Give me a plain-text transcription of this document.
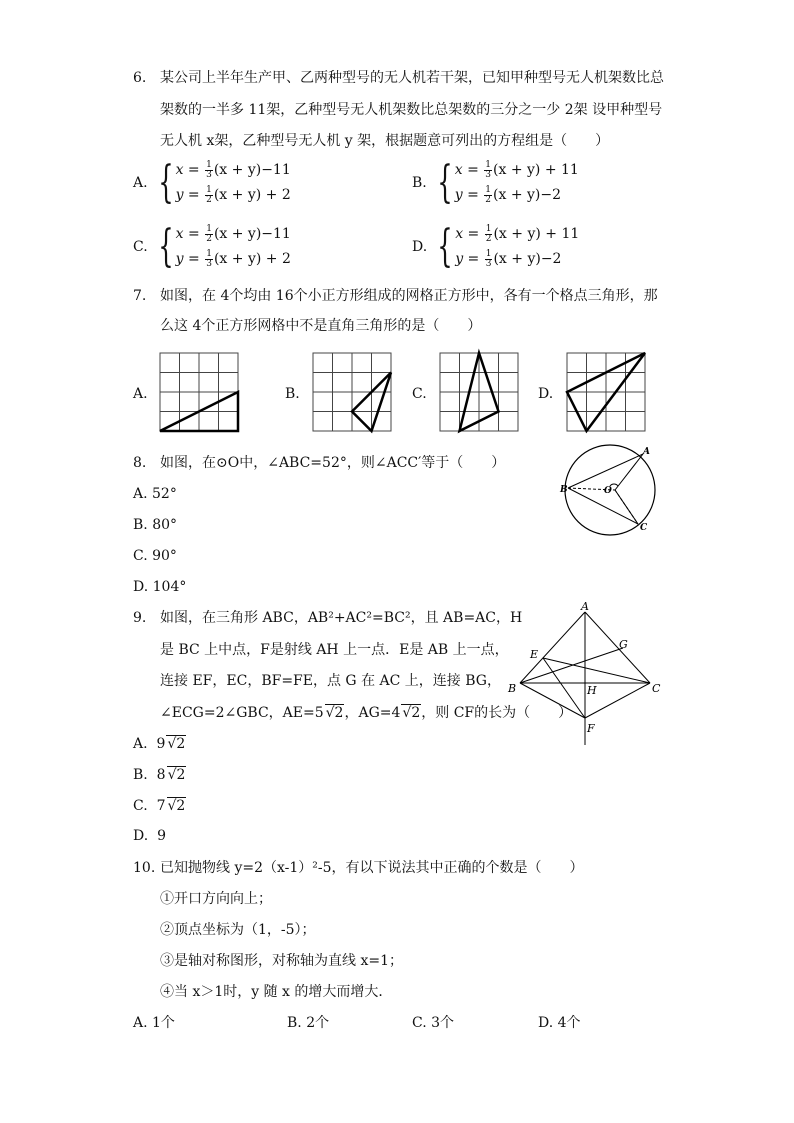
6. 某公司上半年生产甲、乙两种型号的无人机若干架，已知甲种型号无人机架数比总
架数的一半多 11架，乙种型号无人机架数比总架数的三分之一少 2架 设甲种型号
无人机 x架，乙种型号无人机 y 架，根据题意可列出的方程组是（　　）
A. { $x = \frac{1}{3} (x + y)-11$
$y = \frac{1}{2} (x + y) + 2$
B. { $x = \frac{1}{3} (x + y) + 11$
$y = \frac{1}{2} (x + y)-2$
C. { $x = \frac{1}{2} (x + y)-11$
$y = \frac{1}{3} (x + y) + 2$
D. { $x = \frac{1}{2} (x + y) + 11$
$y = \frac{1}{3} (x + y)-2$
7. 如图，在 4个均由 16个小正方形组成的网格正方形中，各有一个格点三角形，那
么这 4个正方形网格中不是直角三角形的是（　　）
A.	B.	C.	D.
8. 如图，在⊙O中，∠ABC=52°，则∠ACC′等于（　　）
A. 52°
B. 80°
C. 90°
D. 104°
A
B
C
O
9. 如图，在三角形 ABC，AB²+AC²=BC²，且 AB=AC，H
是 BC 上中点，F是射线 AH 上一点．E是 AB 上一点，
连接 EF，EC，BF=FE，点 G 在 AC 上，连接 BG，
∠ECG=2∠GBC，AE=5 √2，AG=4 √2，则 CF的长为（　　）
A. 9 √2
B. 8 √2
C. 7 √2
D. 9
A
B	C
E
F
G
H
10. 已知抛物线 y=2（x-1）²-5，有以下说法其中正确的个数是（　　）
①开口方向向上；
②顶点坐标为（1，-5）；
③是轴对称图形，对称轴为直线 x=1；
④当 x＞1时，y 随 x 的增大而增大．
A. 1个	B. 2个	C. 3个	D. 4个
